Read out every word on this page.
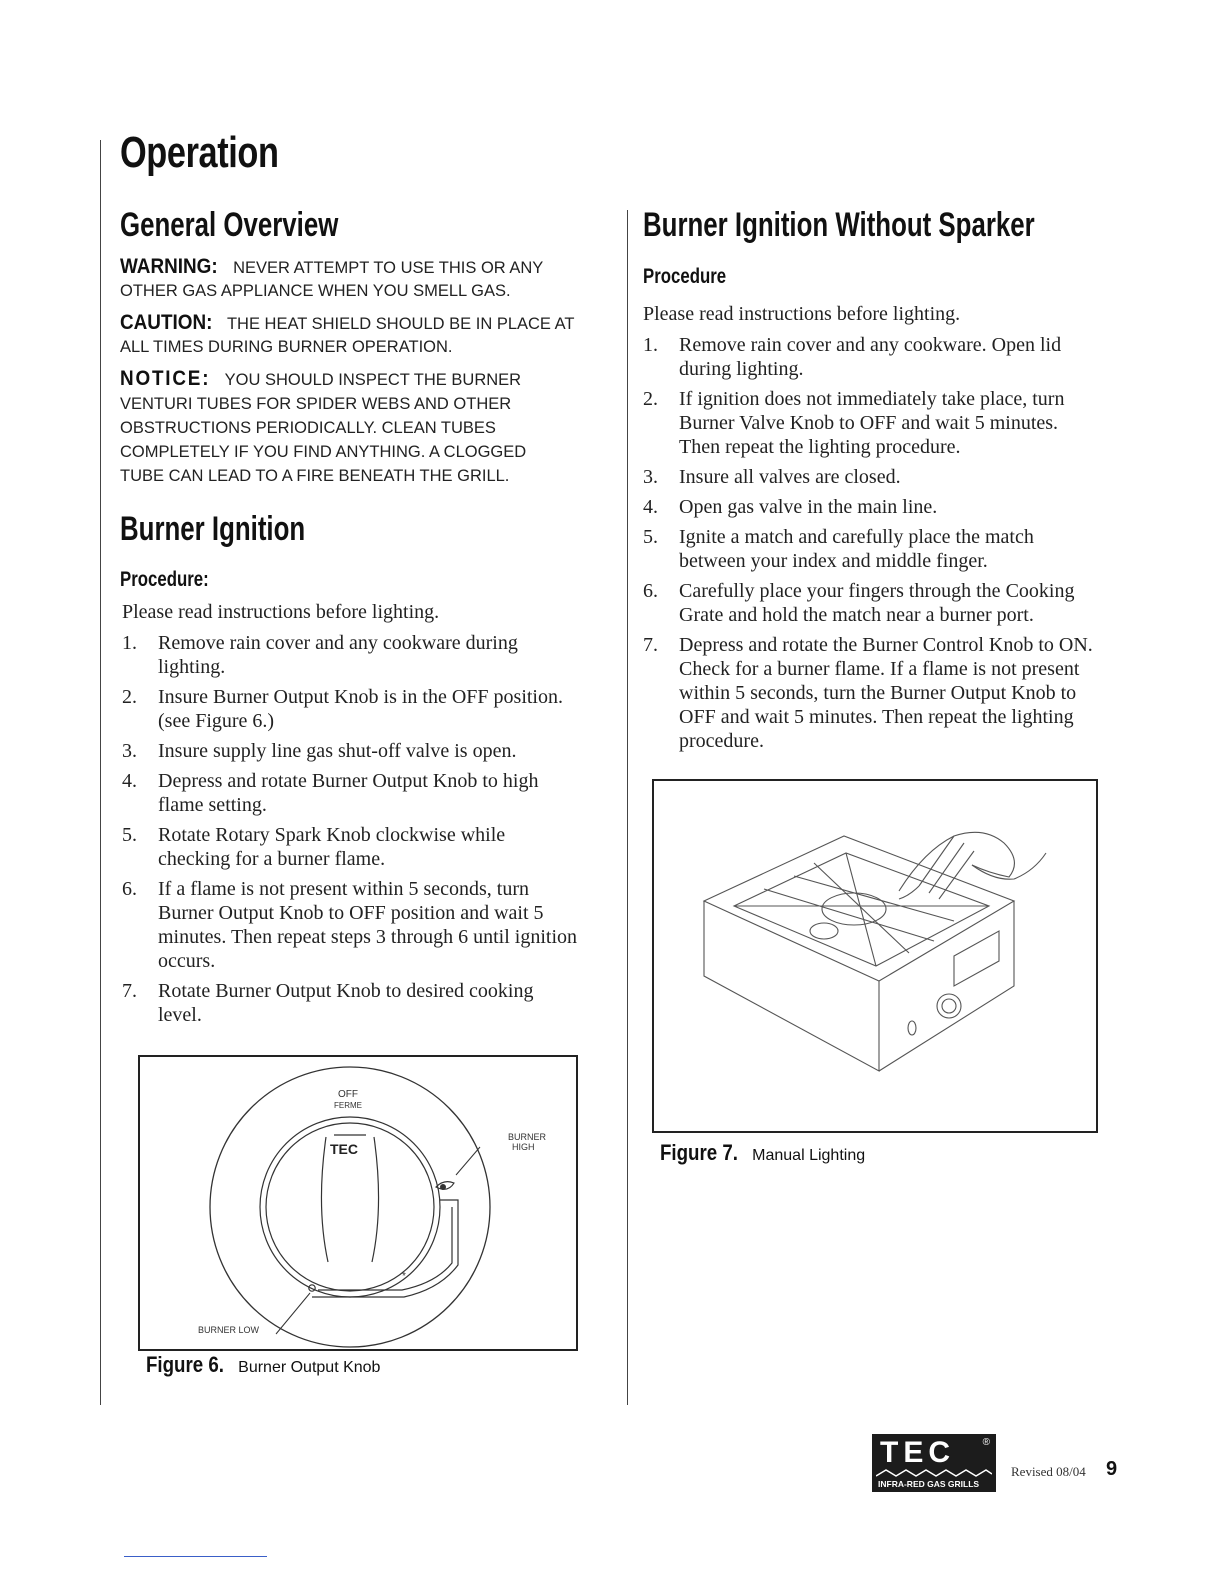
Operation
General Overview
WARNING: NEVER ATTEMPT TO USE THIS OR ANY OTHER GAS APPLIANCE WHEN YOU SMELL GAS.
CAUTION: THE HEAT SHIELD SHOULD BE IN PLACE AT ALL TIMES DURING BURNER OPERATION.
NOTICE: YOU SHOULD INSPECT THE BURNER VENTURI TUBES FOR SPIDER WEBS AND OTHER OBSTRUCTIONS PERIODICALLY. CLEAN TUBES COMPLETELY IF YOU FIND ANYTHING. A CLOGGED TUBE CAN LEAD TO A FIRE BENEATH THE GRILL.
Burner Ignition
Procedure:
Please read instructions before lighting.
1. Remove rain cover and any cookware during lighting.
2. Insure Burner Output Knob is in the OFF position. (see Figure 6.)
3. Insure supply line gas shut-off valve is open.
4. Depress and rotate Burner Output Knob to high flame setting.
5. Rotate Rotary Spark Knob clockwise while checking for a burner flame.
6. If a flame is not present within 5 seconds, turn Burner Output Knob to OFF position and wait 5 minutes. Then repeat steps 3 through 6 until ignition occurs.
7. Rotate Burner Output Knob to desired cooking level.
*
OFF
FERME
BURNER
HIGH
TEC
BURNER LOW
Figure 6. Burner Output Knob
Burner Ignition Without Sparker
Procedure
Please read instructions before lighting.
1. Remove rain cover and any cookware. Open lid during lighting.
2. If ignition does not immediately take place, turn Burner Valve Knob to OFF and wait 5 minutes. Then repeat the lighting procedure.
3. Insure all valves are closed.
4. Open gas valve in the main line.
5. Ignite a match and carefully place the match between your index and middle finger.
6. Carefully place your fingers through the Cooking Grate and hold the match near a burner port.
7. Depress and rotate the Burner Control Knob to ON. Check for a burner flame. If a flame is not present within 5 seconds, turn the Burner Output Knob to OFF and wait 5 minutes. Then repeat the lighting procedure.
Figure 7. Manual Lighting
TEC	®
INFRA-RED GAS GRILLS
Revised 08/04 9
